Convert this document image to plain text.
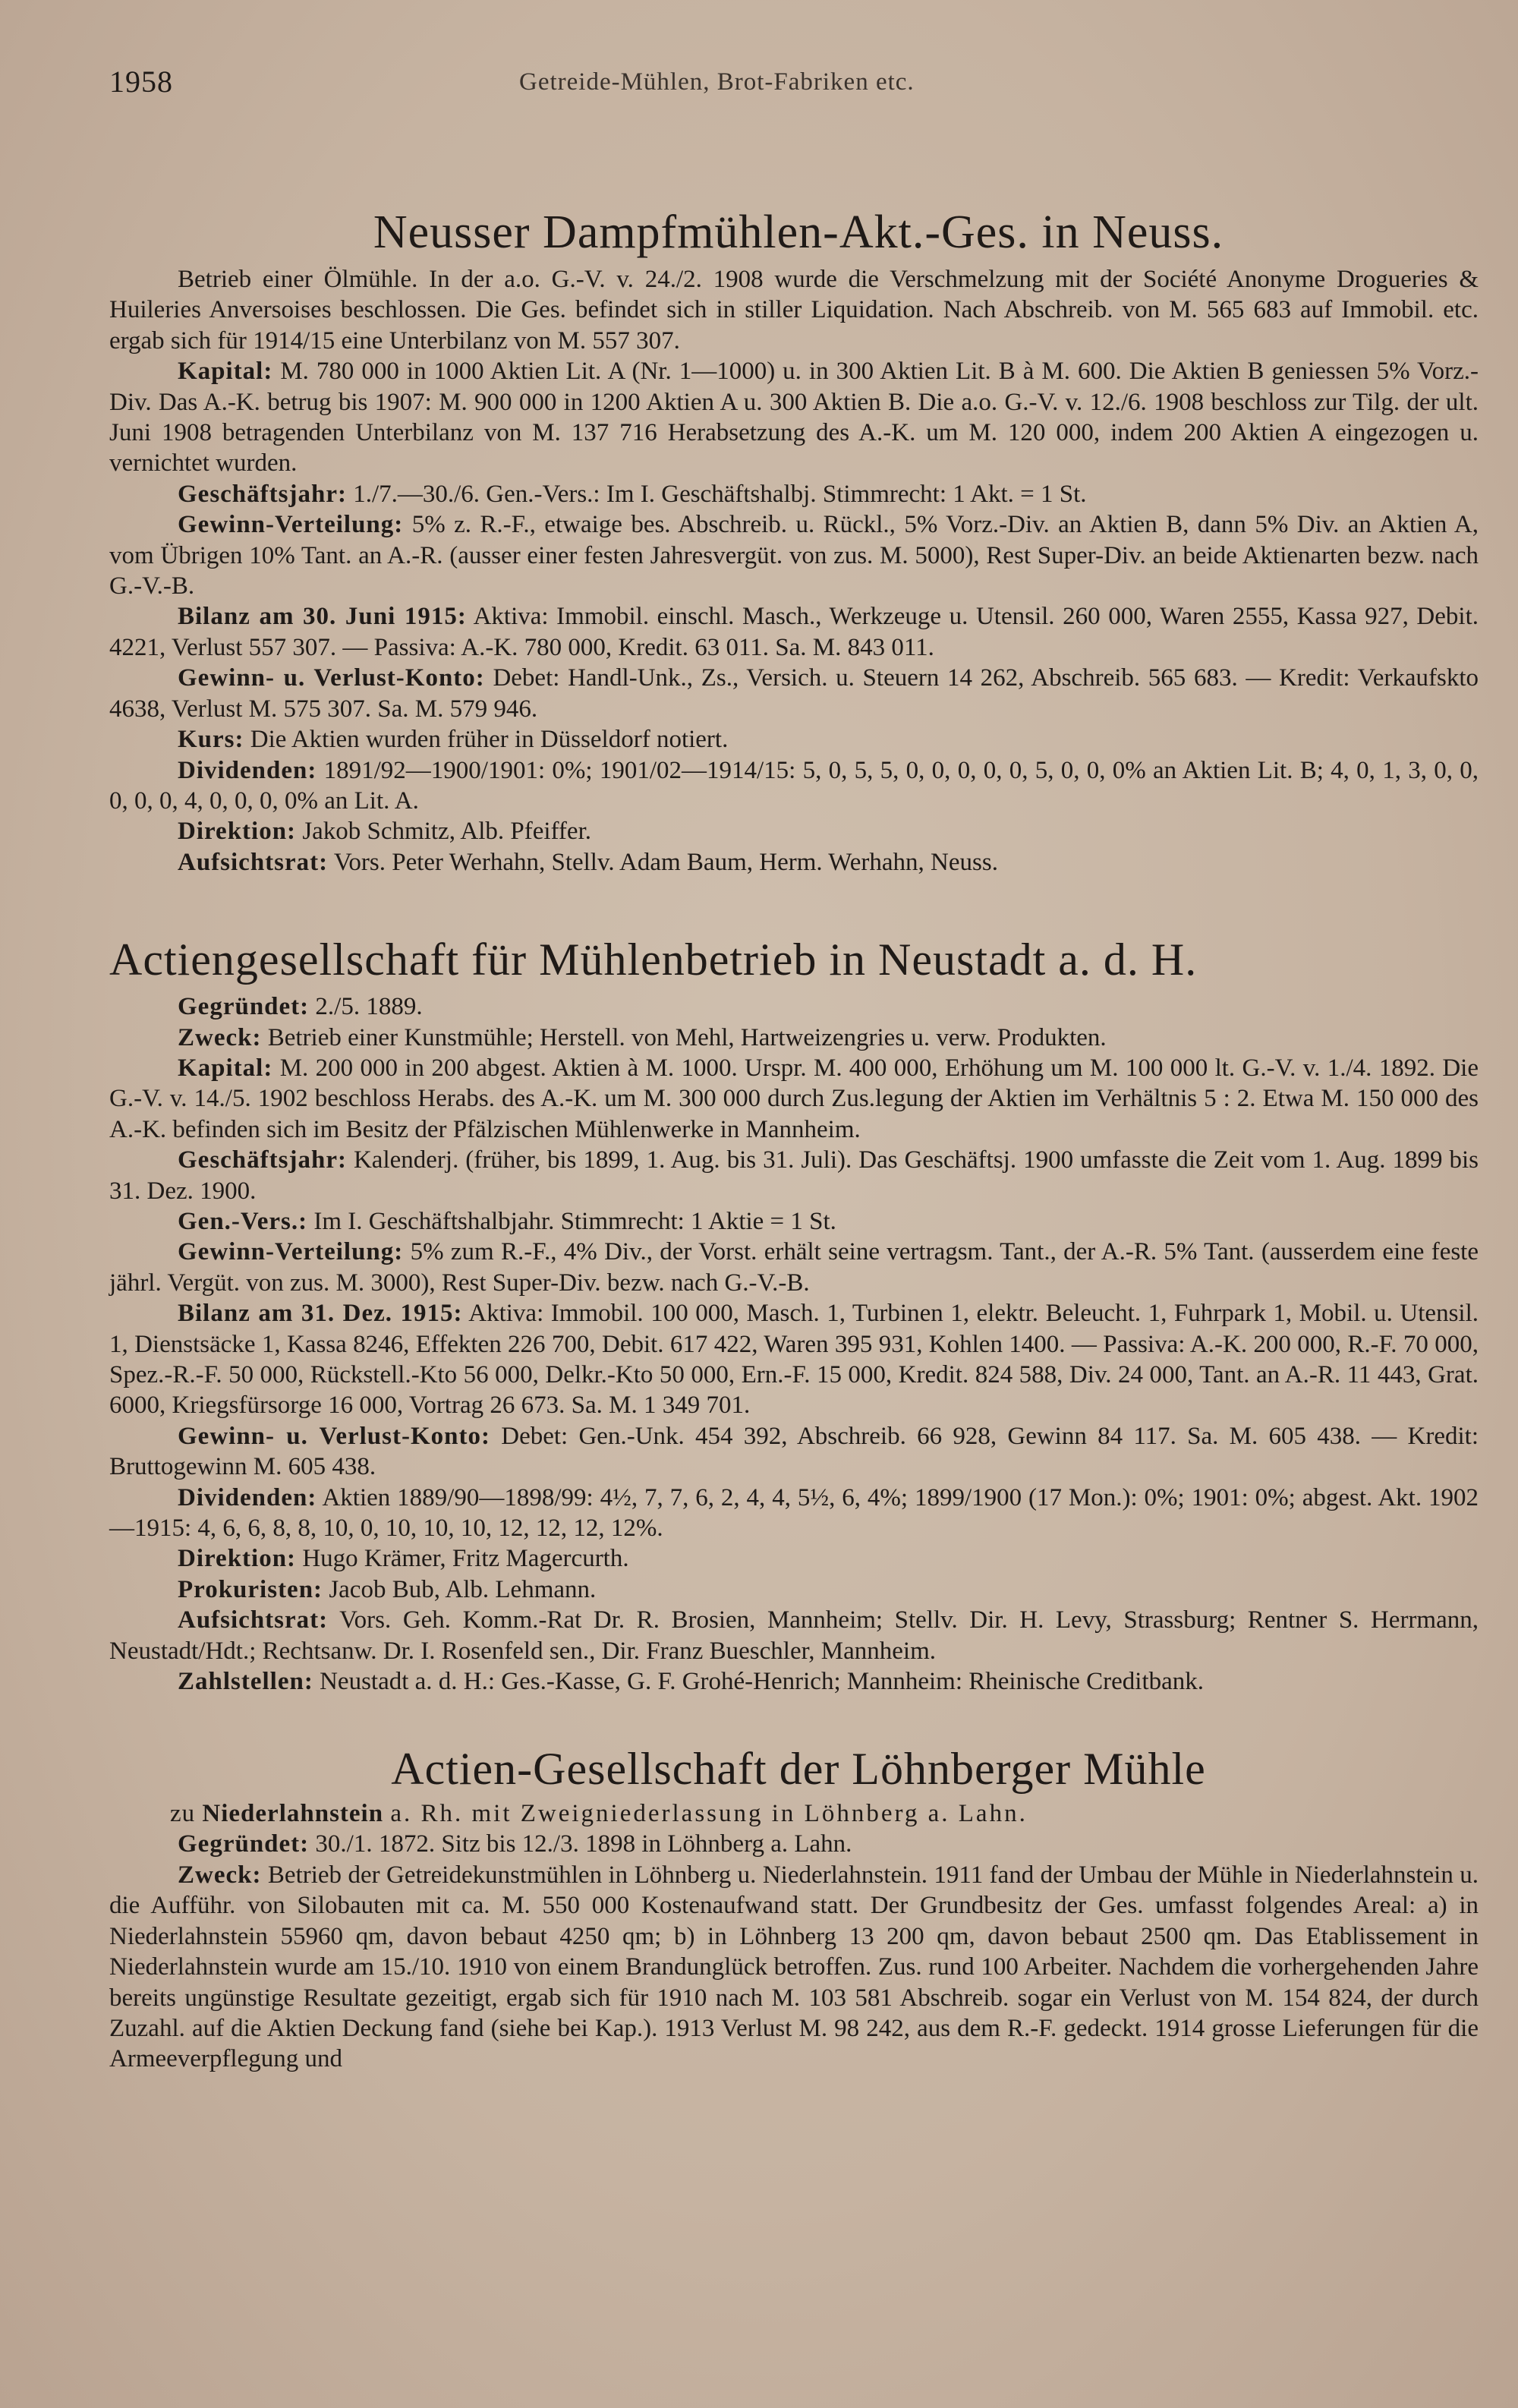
1958	Getreide-Mühlen, Brot-Fabriken etc.
Neusser Dampfmühlen-Akt.-Ges. in Neuss.

Betrieb einer Ölmühle. In der a.o. G.-V. v. 24./2. 1908 wurde die Verschmelzung mit der Société Anonyme Drogueries & Huileries Anversoises beschlossen. Die Ges. befindet sich in stiller Liquidation. Nach Abschreib. von M. 565 683 auf Immobil. etc. ergab sich für 1914/15 eine Unterbilanz von M. 557 307.

Kapital: M. 780 000 in 1000 Aktien Lit. A (Nr. 1—1000) u. in 300 Aktien Lit. B à M. 600. Die Aktien B geniessen 5% Vorz.-Div. Das A.-K. betrug bis 1907: M. 900 000 in 1200 Aktien A u. 300 Aktien B. Die a.o. G.-V. v. 12./6. 1908 beschloss zur Tilg. der ult. Juni 1908 betragenden Unterbilanz von M. 137 716 Herabsetzung des A.-K. um M. 120 000, indem 200 Aktien A eingezogen u. vernichtet wurden.

Geschäftsjahr: 1./7.—30./6. Gen.-Vers.: Im I. Geschäftshalbj. Stimmrecht: 1 Akt. = 1 St.

Gewinn-Verteilung: 5% z. R.-F., etwaige bes. Abschreib. u. Rückl., 5% Vorz.-Div. an Aktien B, dann 5% Div. an Aktien A, vom Übrigen 10% Tant. an A.-R. (ausser einer festen Jahresvergüt. von zus. M. 5000), Rest Super-Div. an beide Aktienarten bezw. nach G.-V.-B.

Bilanz am 30. Juni 1915: Aktiva: Immobil. einschl. Masch., Werkzeuge u. Utensil. 260 000, Waren 2555, Kassa 927, Debit. 4221, Verlust 557 307. — Passiva: A.-K. 780 000, Kredit. 63 011. Sa. M. 843 011.

Gewinn- u. Verlust-Konto: Debet: Handl-Unk., Zs., Versich. u. Steuern 14 262, Abschreib. 565 683. — Kredit: Verkaufskto 4638, Verlust M. 575 307. Sa. M. 579 946.

Kurs: Die Aktien wurden früher in Düsseldorf notiert.

Dividenden: 1891/92—1900/1901: 0%; 1901/02—1914/15: 5, 0, 5, 5, 0, 0, 0, 0, 0, 5, 0, 0, 0% an Aktien Lit. B; 4, 0, 1, 3, 0, 0, 0, 0, 0, 4, 0, 0, 0, 0% an Lit. A.

Direktion: Jakob Schmitz, Alb. Pfeiffer.

Aufsichtsrat: Vors. Peter Werhahn, Stellv. Adam Baum, Herm. Werhahn, Neuss.

Actiengesellschaft für Mühlenbetrieb in Neustadt a. d. H.

Gegründet: 2./5. 1889.

Zweck: Betrieb einer Kunstmühle; Herstell. von Mehl, Hartweizengries u. verw. Produkten.

Kapital: M. 200 000 in 200 abgest. Aktien à M. 1000. Urspr. M. 400 000, Erhöhung um M. 100 000 lt. G.-V. v. 1./4. 1892. Die G.-V. v. 14./5. 1902 beschloss Herabs. des A.-K. um M. 300 000 durch Zus.legung der Aktien im Verhältnis 5 : 2. Etwa M. 150 000 des A.-K. befinden sich im Besitz der Pfälzischen Mühlenwerke in Mannheim.

Geschäftsjahr: Kalenderj. (früher, bis 1899, 1. Aug. bis 31. Juli). Das Geschäftsj. 1900 umfasste die Zeit vom 1. Aug. 1899 bis 31. Dez. 1900.

Gen.-Vers.: Im I. Geschäftshalbjahr. Stimmrecht: 1 Aktie = 1 St.

Gewinn-Verteilung: 5% zum R.-F., 4% Div., der Vorst. erhält seine vertragsm. Tant., der A.-R. 5% Tant. (ausserdem eine feste jährl. Vergüt. von zus. M. 3000), Rest Super-Div. bezw. nach G.-V.-B.

Bilanz am 31. Dez. 1915: Aktiva: Immobil. 100 000, Masch. 1, Turbinen 1, elektr. Beleucht. 1, Fuhrpark 1, Mobil. u. Utensil. 1, Dienstsäcke 1, Kassa 8246, Effekten 226 700, Debit. 617 422, Waren 395 931, Kohlen 1400. — Passiva: A.-K. 200 000, R.-F. 70 000, Spez.-R.-F. 50 000, Rückstell.-Kto 56 000, Delkr.-Kto 50 000, Ern.-F. 15 000, Kredit. 824 588, Div. 24 000, Tant. an A.-R. 11 443, Grat. 6000, Kriegsfürsorge 16 000, Vortrag 26 673. Sa. M. 1 349 701.

Gewinn- u. Verlust-Konto: Debet: Gen.-Unk. 454 392, Abschreib. 66 928, Gewinn 84 117. Sa. M. 605 438. — Kredit: Bruttogewinn M. 605 438.

Dividenden: Aktien 1889/90—1898/99: 4½, 7, 7, 6, 2, 4, 4, 5½, 6, 4%; 1899/1900 (17 Mon.): 0%; 1901: 0%; abgest. Akt. 1902—1915: 4, 6, 6, 8, 8, 10, 0, 10, 10, 10, 12, 12, 12, 12%.

Direktion: Hugo Krämer, Fritz Magercurth.

Prokuristen: Jacob Bub, Alb. Lehmann.

Aufsichtsrat: Vors. Geh. Komm.-Rat Dr. R. Brosien, Mannheim; Stellv. Dir. H. Levy, Strassburg; Rentner S. Herrmann, Neustadt/Hdt.; Rechtsanw. Dr. I. Rosenfeld sen., Dir. Franz Bueschler, Mannheim.

Zahlstellen: Neustadt a. d. H.: Ges.-Kasse, G. F. Grohé-Henrich; Mannheim: Rheinische Creditbank.

Actien-Gesellschaft der Löhnberger Mühle
zu Niederlahnstein a. Rh. mit Zweigniederlassung in Löhnberg a. Lahn.

Gegründet: 30./1. 1872. Sitz bis 12./3. 1898 in Löhnberg a. Lahn.

Zweck: Betrieb der Getreidekunstmühlen in Löhnberg u. Niederlahnstein. 1911 fand der Umbau der Mühle in Niederlahnstein u. die Aufführ. von Silobauten mit ca. M. 550 000 Kostenaufwand statt. Der Grundbesitz der Ges. umfasst folgendes Areal: a) in Niederlahnstein 55960 qm, davon bebaut 4250 qm; b) in Löhnberg 13 200 qm, davon bebaut 2500 qm. Das Etablissement in Niederlahnstein wurde am 15./10. 1910 von einem Brandunglück betroffen. Zus. rund 100 Arbeiter. Nachdem die vorhergehenden Jahre bereits ungünstige Resultate gezeitigt, ergab sich für 1910 nach M. 103 581 Abschreib. sogar ein Verlust von M. 154 824, der durch Zuzahl. auf die Aktien Deckung fand (siehe bei Kap.). 1913 Verlust M. 98 242, aus dem R.-F. gedeckt. 1914 grosse Lieferungen für die Armeeverpflegung und
